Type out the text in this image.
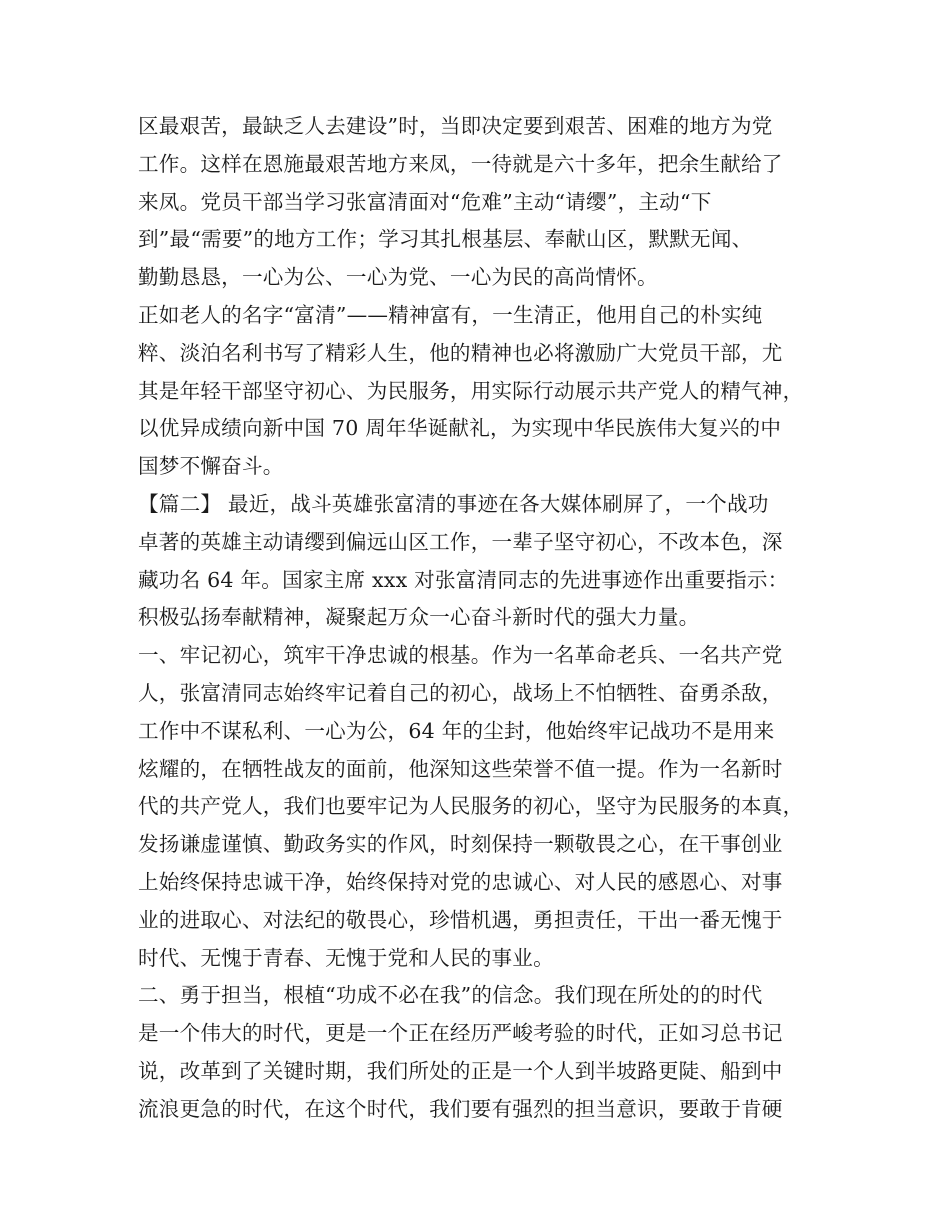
区最艰苦，最缺乏人去建设”时，当即决定要到艰苦、困难的地方为党
工作。这样在恩施最艰苦地方来凤，一待就是六十多年，把余生献给了
来凤。党员干部当学习张富清面对“危难”主动“请缨”，主动“下
到”最“需要”的地方工作；学习其扎根基层、奉献山区，默默无闻、
勤勤恳恳，一心为公、一心为党、一心为民的高尚情怀。
正如老人的名字“富清”——精神富有，一生清正，他用自己的朴实纯
粹、淡泊名利书写了精彩人生，他的精神也必将激励广大党员干部，尤
其是年轻干部坚守初心、为民服务，用实际行动展示共产党人的精气神，
以优异成绩向新中国 70 周年华诞献礼，为实现中华民族伟大复兴的中
国梦不懈奋斗。
【篇二】 最近，战斗英雄张富清的事迹在各大媒体刷屏了，一个战功
卓著的英雄主动请缨到偏远山区工作，一辈子坚守初心，不改本色，深
藏功名 64 年。国家主席 xxx 对张富清同志的先进事迹作出重要指示：
积极弘扬奉献精神，凝聚起万众一心奋斗新时代的强大力量。
一、牢记初心，筑牢干净忠诚的根基。作为一名革命老兵、一名共产党
人，张富清同志始终牢记着自己的初心，战场上不怕牺牲、奋勇杀敌，
工作中不谋私利、一心为公，64 年的尘封，他始终牢记战功不是用来
炫耀的，在牺牲战友的面前，他深知这些荣誉不值一提。作为一名新时
代的共产党人，我们也要牢记为人民服务的初心，坚守为民服务的本真，
发扬谦虚谨慎、勤政务实的作风，时刻保持一颗敬畏之心，在干事创业
上始终保持忠诚干净，始终保持对党的忠诚心、对人民的感恩心、对事
业的进取心、对法纪的敬畏心，珍惜机遇，勇担责任，干出一番无愧于
时代、无愧于青春、无愧于党和人民的事业。
二、勇于担当，根植“功成不必在我”的信念。我们现在所处的的时代
是一个伟大的时代，更是一个正在经历严峻考验的时代，正如习总书记
说，改革到了关键时期，我们所处的正是一个人到半坡路更陡、船到中
流浪更急的时代，在这个时代，我们要有强烈的担当意识，要敢于肯硬
